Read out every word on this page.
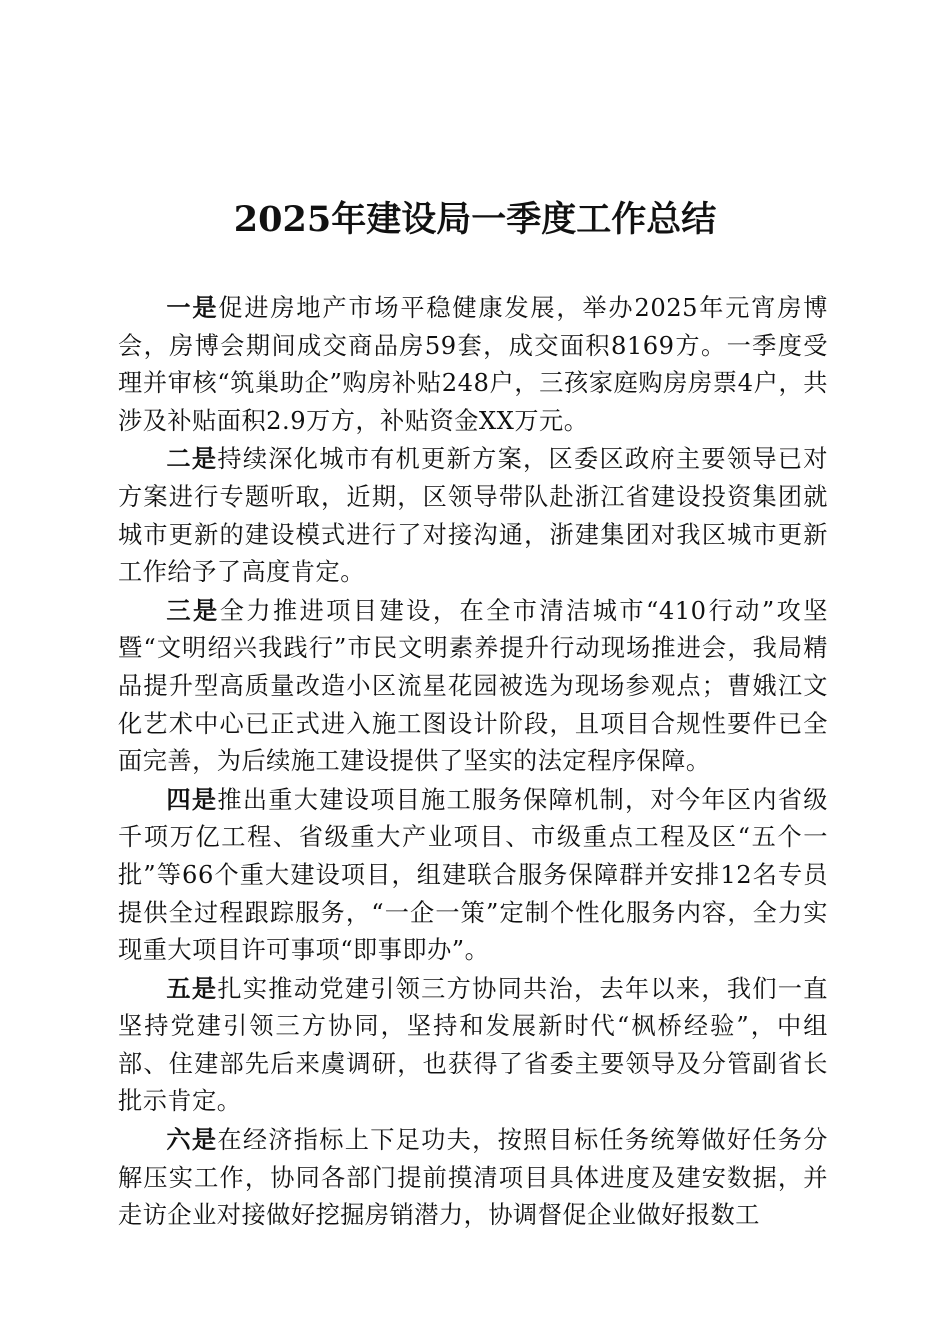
2025年建设局一季度工作总结

一是促进房地产市场平稳健康发展，举办2025年元宵房博会，房博会期间成交商品房59套，成交面积8169方。一季度受理并审核“筑巢助企”购房补贴248户，三孩家庭购房房票4户，共涉及补贴面积2.9万方，补贴资金XX万元。

二是持续深化城市有机更新方案，区委区政府主要领导已对方案进行专题听取，近期，区领导带队赴浙江省建设投资集团就城市更新的建设模式进行了对接沟通，浙建集团对我区城市更新工作给予了高度肯定。

三是全力推进项目建设，在全市清洁城市“410行动”攻坚暨“文明绍兴我践行”市民文明素养提升行动现场推进会，我局精品提升型高质量改造小区流星花园被选为现场参观点；曹娥江文化艺术中心已正式进入施工图设计阶段，且项目合规性要件已全面完善，为后续施工建设提供了坚实的法定程序保障。

四是推出重大建设项目施工服务保障机制，对今年区内省级千项万亿工程、省级重大产业项目、市级重点工程及区“五个一批”等66个重大建设项目，组建联合服务保障群并安排12名专员提供全过程跟踪服务，“一企一策”定制个性化服务内容，全力实现重大项目许可事项“即事即办”。

五是扎实推动党建引领三方协同共治，去年以来，我们一直坚持党建引领三方协同，坚持和发展新时代“枫桥经验”，中组部、住建部先后来虞调研，也获得了省委主要领导及分管副省长批示肯定。

六是在经济指标上下足功夫，按照目标任务统筹做好任务分解压实工作，协同各部门提前摸清项目具体进度及建安数据，并走访企业对接做好挖掘房销潜力，协调督促企业做好报数工
